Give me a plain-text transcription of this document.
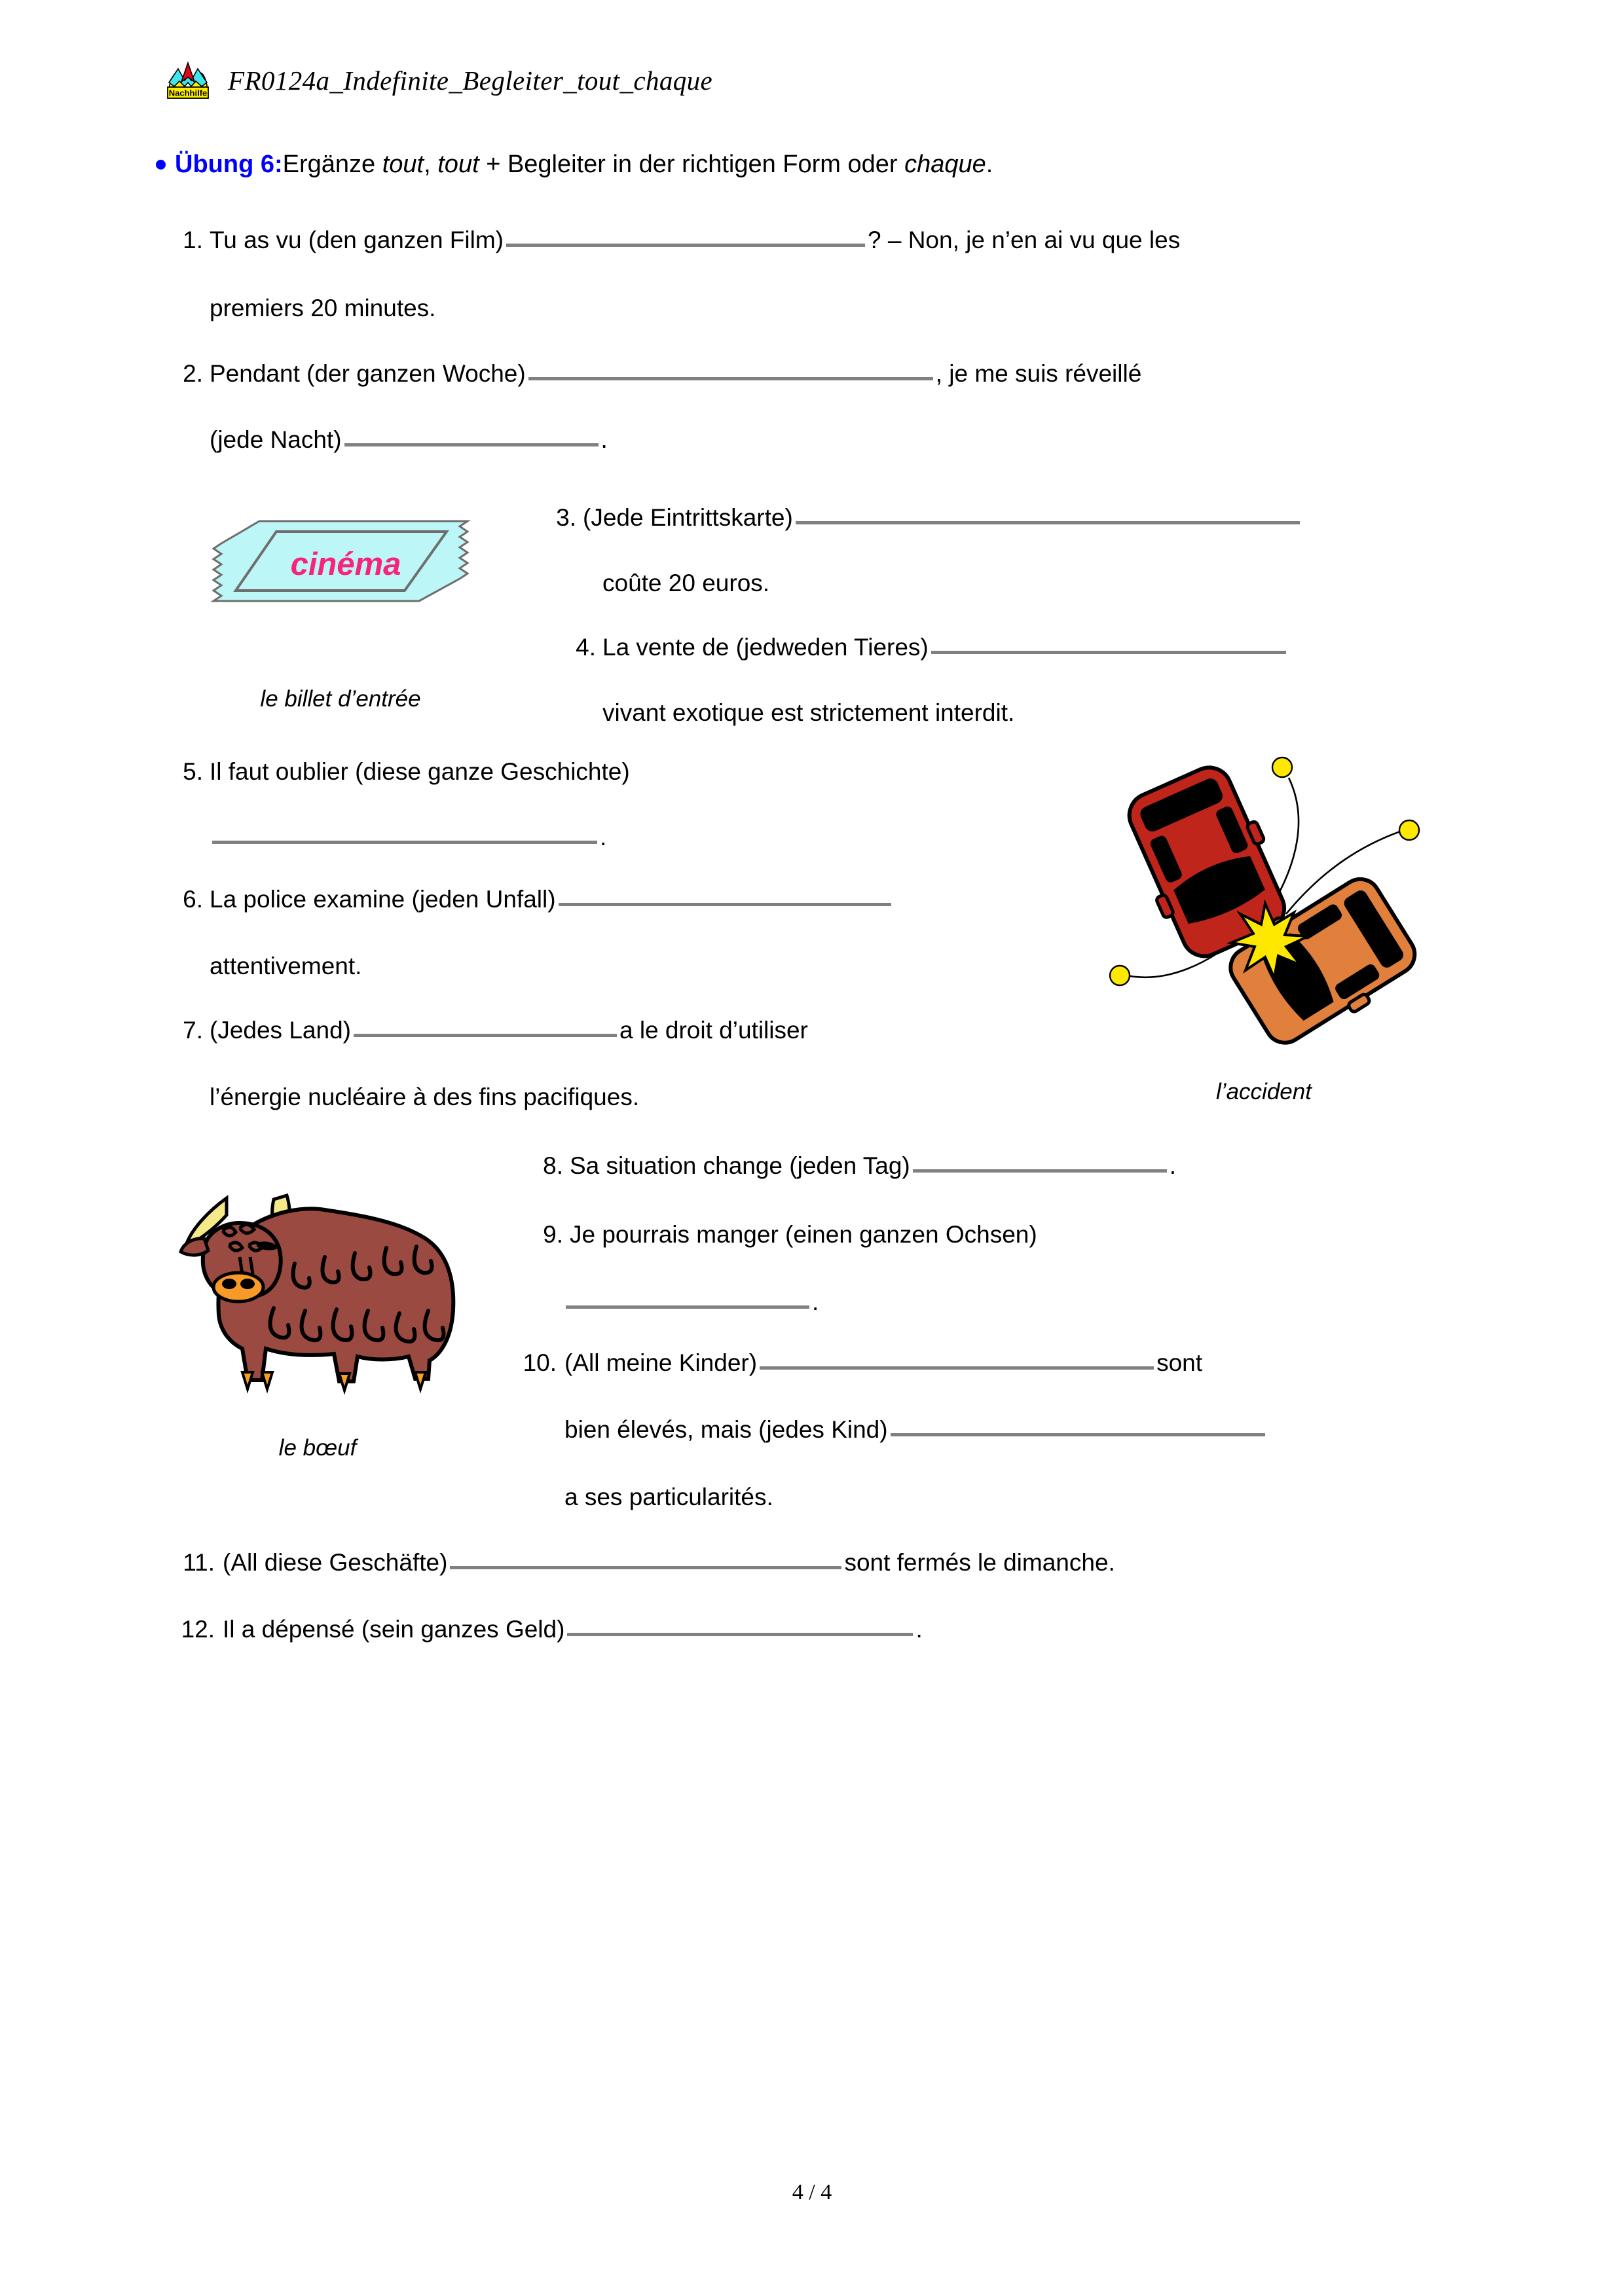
Nachhilfe FR0124a_Indefinite_Begleiter_tout_chaque
Übung 6:Ergänze tout, tout + Begleiter in der richtigen Form oder chaque.
1. Tu as vu (den ganzen Film)	? – Non, je n’en ai vu que les
premiers 20 minutes.
2. Pendant (der ganzen Woche)	, je me suis réveillé
(jede Nacht)	.
cinéma
le billet d’entrée
3. (Jede Eintrittskarte)
coûte 20 euros.
4. La vente de (jedweden Tieres)
vivant exotique est strictement interdit.
5. Il faut oublier (diese ganze Geschichte)
.
6. La police examine (jeden Unfall)
attentivement.
l’accident
7. (Jedes Land)	a le droit d’utiliser
l’énergie nucléaire à des fins pacifiques.
8. Sa situation change (jeden Tag)	.
9. Je pourrais manger (einen ganzen Ochsen)
.
le bœuf
10. (All meine Kinder)	sont
bien élevés, mais (jedes Kind)
a ses particularités.
11. (All diese Geschäfte)	sont fermés le dimanche.
12. Il a dépensé (sein ganzes Geld)	.
4 / 4
